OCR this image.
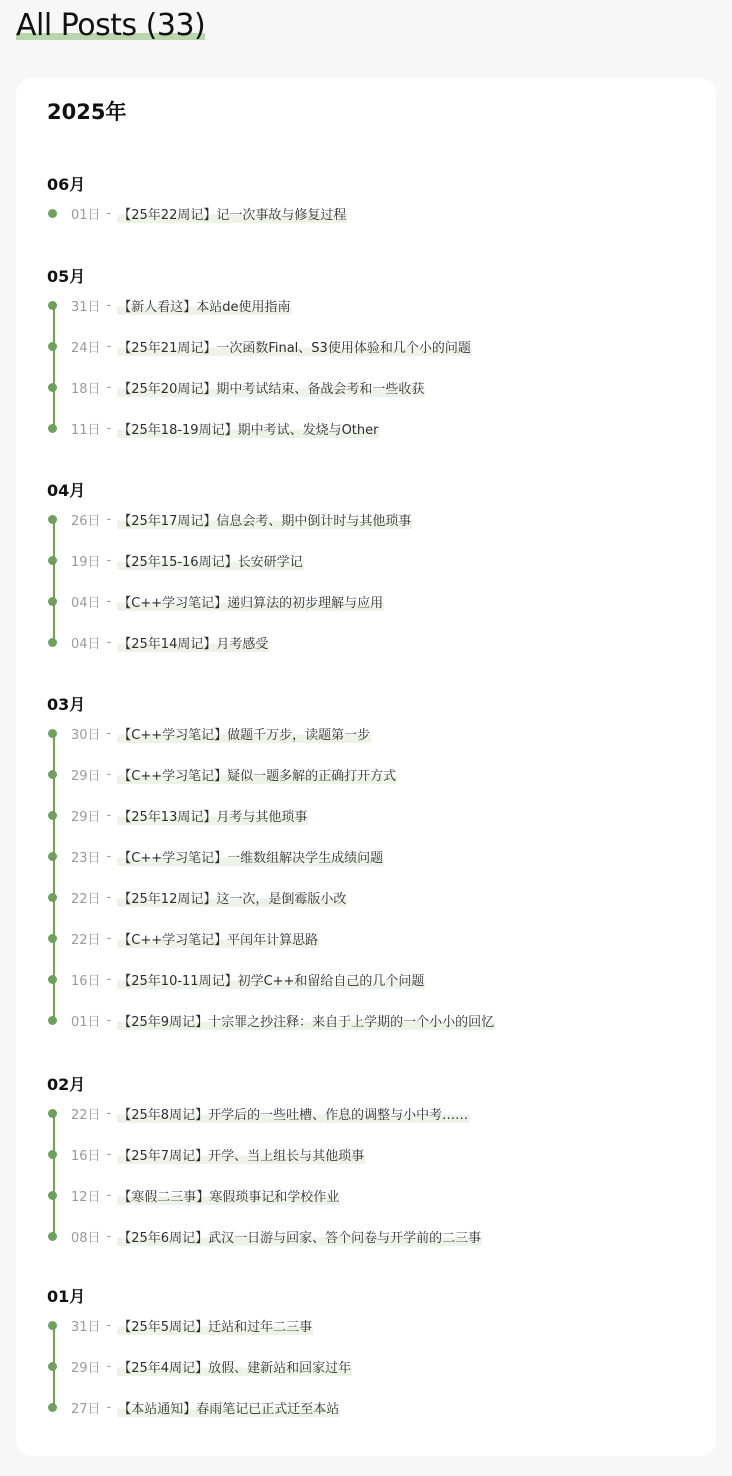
All Posts (33)
2025年
06月
01日 - 【25年22周记】记一次事故与修复过程
05月
31日 - 【新人看这】本站de使用指南
24日 - 【25年21周记】一次函数Final、S3使用体验和几个小的问题
18日 - 【25年20周记】期中考试结束、备战会考和一些收获
11日 - 【25年18-19周记】期中考试、发烧与Other
04月
26日 - 【25年17周记】信息会考、期中倒计时与其他琐事
19日 - 【25年15-16周记】长安研学记
04日 - 【C++学习笔记】递归算法的初步理解与应用
04日 - 【25年14周记】月考感受
03月
30日 - 【C++学习笔记】做题千万步，读题第一步
29日 - 【C++学习笔记】疑似一题多解的正确打开方式
29日 - 【25年13周记】月考与其他琐事
23日 - 【C++学习笔记】一维数组解决学生成绩问题
22日 - 【25年12周记】这一次，是倒霉版小改
22日 - 【C++学习笔记】平闰年计算思路
16日 - 【25年10-11周记】初学C++和留给自己的几个问题
01日 - 【25年9周记】十宗罪之抄注释：来自于上学期的一个小小的回忆
02月
22日 - 【25年8周记】开学后的一些吐槽、作息的调整与小中考……
16日 - 【25年7周记】开学、当上组长与其他琐事
12日 - 【寒假二三事】寒假琐事记和学校作业
08日 - 【25年6周记】武汉一日游与回家、答个问卷与开学前的二三事
01月
31日 - 【25年5周记】迁站和过年二三事
29日 - 【25年4周记】放假、建新站和回家过年
27日 - 【本站通知】春雨笔记已正式迁至本站
